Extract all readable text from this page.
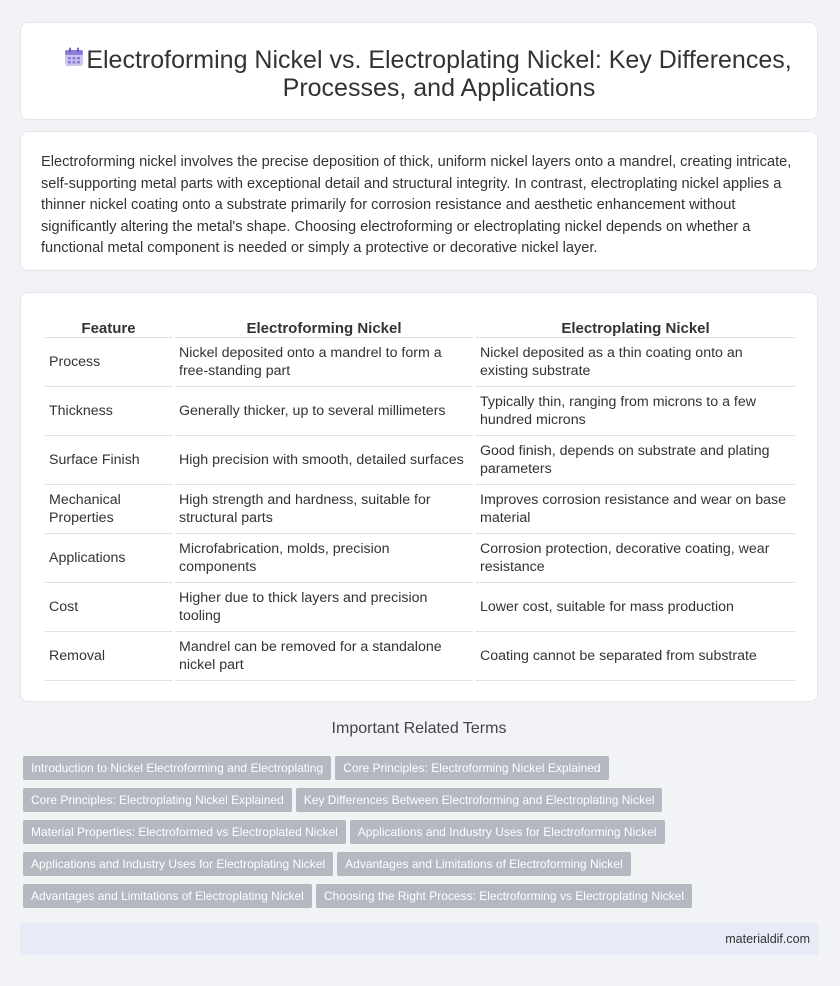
Electroforming Nickel vs. Electroplating Nickel: Key Differences, Processes, and Applications

Electroforming nickel involves the precise deposition of thick, uniform nickel layers onto a mandrel, creating intricate, self-supporting metal parts with exceptional detail and structural integrity. In contrast, electroplating nickel applies a thinner nickel coating onto a substrate primarily for corrosion resistance and aesthetic enhancement without significantly altering the metal's shape. Choosing electroforming or electroplating nickel depends on whether a functional metal component is needed or simply a protective or decorative nickel layer.

Feature	Electroforming Nickel	Electroplating Nickel
Process	Nickel deposited onto a mandrel to form a free-standing part	Nickel deposited as a thin coating onto an existing substrate
Thickness	Generally thicker, up to several millimeters	Typically thin, ranging from microns to a few hundred microns
Surface Finish	High precision with smooth, detailed surfaces	Good finish, depends on substrate and plating parameters
Mechanical Properties	High strength and hardness, suitable for structural parts	Improves corrosion resistance and wear on base material
Applications	Microfabrication, molds, precision components	Corrosion protection, decorative coating, wear resistance
Cost	Higher due to thick layers and precision tooling	Lower cost, suitable for mass production
Removal	Mandrel can be removed for a standalone nickel part	Coating cannot be separated from substrate
Important Related Terms
Introduction to Nickel Electroforming and Electroplating Core Principles: Electroforming Nickel Explained
Core Principles: Electroplating Nickel Explained Key Differences Between Electroforming and Electroplating Nickel
Material Properties: Electroformed vs Electroplated Nickel Applications and Industry Uses for Electroforming Nickel
Applications and Industry Uses for Electroplating Nickel Advantages and Limitations of Electroforming Nickel
Advantages and Limitations of Electroplating Nickel Choosing the Right Process: Electroforming vs Electroplating Nickel
materialdif.com
